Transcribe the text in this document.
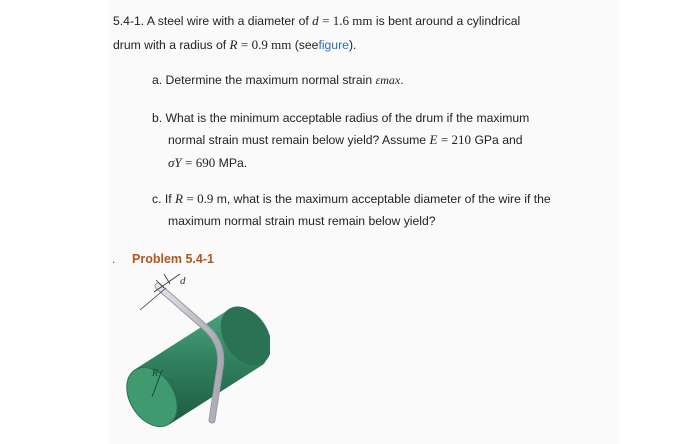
5.4-1. A steel wire with a diameter of d = 1.6 mm is bent around a cylindrical
drum with a radius of R = 0.9 mm (seefigure).
a. Determine the maximum normal strain εmax.
b. What is the minimum acceptable radius of the drum if the maximum
normal strain must remain below yield? Assume E = 210 GPa and
σY = 690 MPa.
c. If R = 0.9 m, what is the maximum acceptable diameter of the wire if the
maximum normal strain must remain below yield?
. Problem 5.4-1
R
d
